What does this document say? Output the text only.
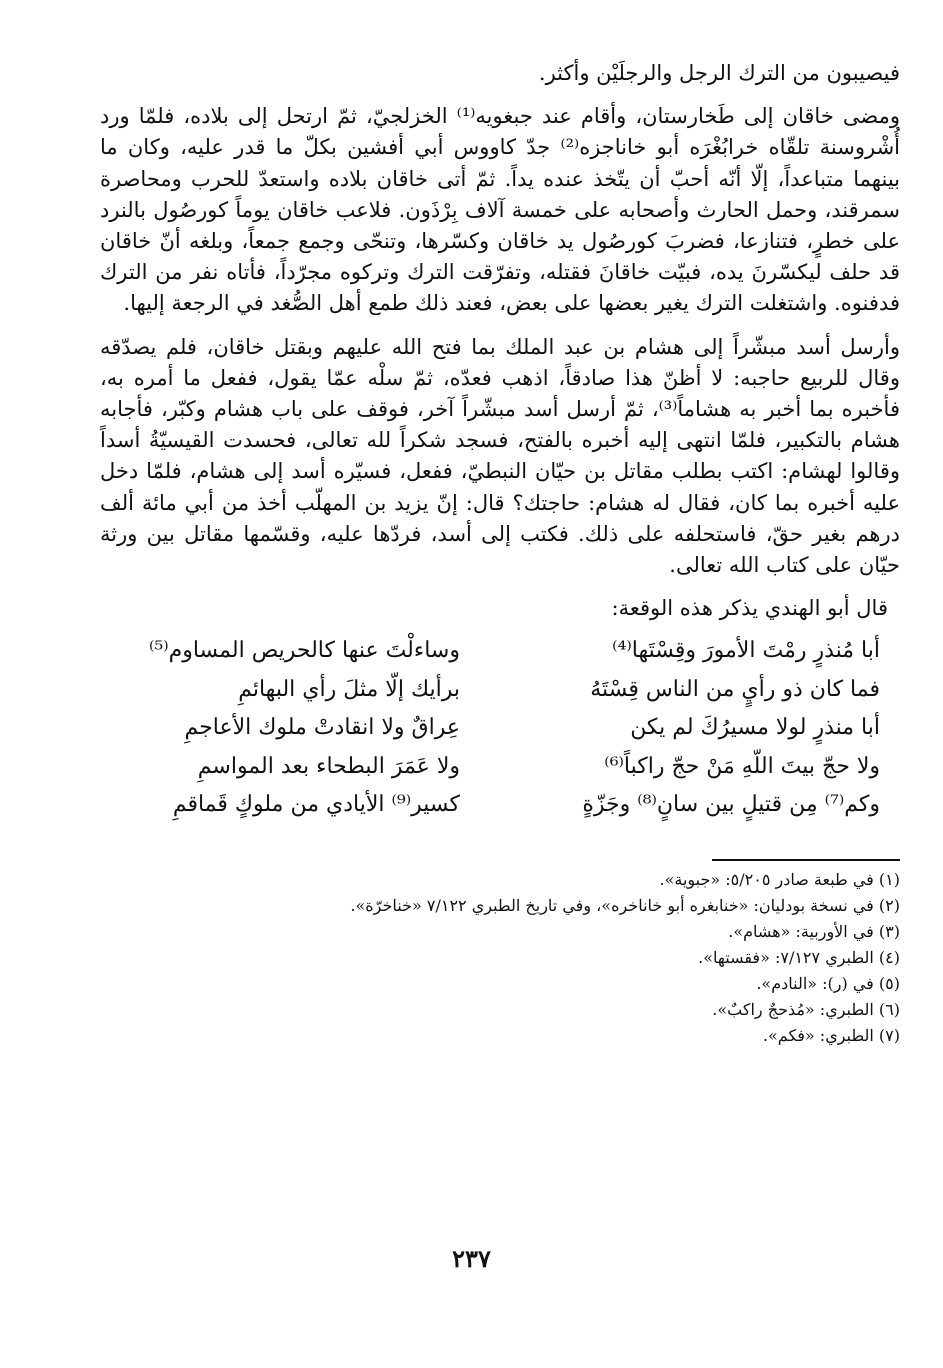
فيصيبون من الترك الرجل والرجلَيْن وأكثر.

ومضى خاقان إلى طَخارستان، وأقام عند جبغويه⁽¹⁾ الخزلجيّ، ثمّ ارتحل إلى بلاده، فلمّا ورد أُشْروسنة تلقّاه خرابُغْرَه أبو خاناجزه⁽²⁾ جدّ كاووس أبي أفشين بكلّ ما قدر عليه، وكان ما بينهما متباعداً، إلّا أنّه أحبّ أن يتّخذ عنده يداً. ثمّ أتى خاقان بلاده واستعدّ للحرب ومحاصرة سمرقند، وحمل الحارث وأصحابه على خمسة آلاف بِرْذَون. فلاعب خاقان يوماً كورصُول بالنرد على خطرٍ، فتنازعا، فضربَ كورصُول يد خاقان وكسّرها، وتنحّى وجمع جمعاً، وبلغه أنّ خاقان قد حلف ليكسّرنَ يده، فبيّت خاقانَ فقتله، وتفرّقت الترك وتركوه مجرّداً، فأتاه نفر من الترك فدفنوه. واشتغلت الترك يغير بعضها على بعض، فعند ذلك طمع أهل الصُّغد في الرجعة إليها.

وأرسل أسد مبشّراً إلى هشام بن عبد الملك بما فتح الله عليهم وبقتل خاقان، فلم يصدّقه وقال للربيع حاجبه: لا أظنّ هذا صادقاً، اذهب فعدّه، ثمّ سلْه عمّا يقول، ففعل ما أمره به، فأخبره بما أخبر به هشاماً⁽³⁾، ثمّ أرسل أسد مبشّراً آخر، فوقف على باب هشام وكبّر، فأجابه هشام بالتكبير، فلمّا انتهى إليه أخبره بالفتح، فسجد شكراً لله تعالى، فحسدت القيسيّةُ أسداً وقالوا لهشام: اكتب بطلب مقاتل بن حيّان النبطيّ، ففعل، فسيّره أسد إلى هشام، فلمّا دخل عليه أخبره بما كان، فقال له هشام: حاجتك؟ قال: إنّ يزيد بن المهلّب أخذ من أبي مائة ألف درهم بغير حقّ، فاستحلفه على ذلك. فكتب إلى أسد، فردّها عليه، وقسّمها مقاتل بين ورثة حيّان على كتاب الله تعالى.

قال أبو الهندي يذكر هذه الوقعة:
أبا مُنذرٍ رمْتَ الأمورَ وقِسْتَها⁽⁴⁾
وساءلْتَ عنها كالحريص المساوم⁽⁵⁾
فما كان ذو رأيٍ من الناس قِسْتَهُ
برأيك إلّا مثلَ رأي البهائمِ
أبا منذرٍ لولا مسيرُكَ لم يكن
عِراقٌ ولا انقادتْ ملوك الأعاجمِ
ولا حجّ بيتَ اللّهِ مَنْ حجّ راكباً⁽⁶⁾
ولا عَمَرَ البطحاء بعد المواسمِ
وكم⁽⁷⁾ مِن قتيلٍ بين سانٍ⁽⁸⁾ وجَزّةٍ
كسير⁽⁹⁾ الأيادي من ملوكٍ قَماقمِ
(١) في طبعة صادر ٥/٢٠٥: «جبوية».
(٢) في نسخة بودليان: «خنابغره أبو خاناخره»، وفي تاريخ الطبري ٧/١٢٢ «خناخرّة».
(٣) في الأوربية: «هشام».
(٤) الطبري ٧/١٢٧: «فقستها».
(٥) في (ر): «النادم».
(٦) الطبري: «مُذحجٌ راكبٌ».
(٧) الطبري: «فكم».
٢٣٧
